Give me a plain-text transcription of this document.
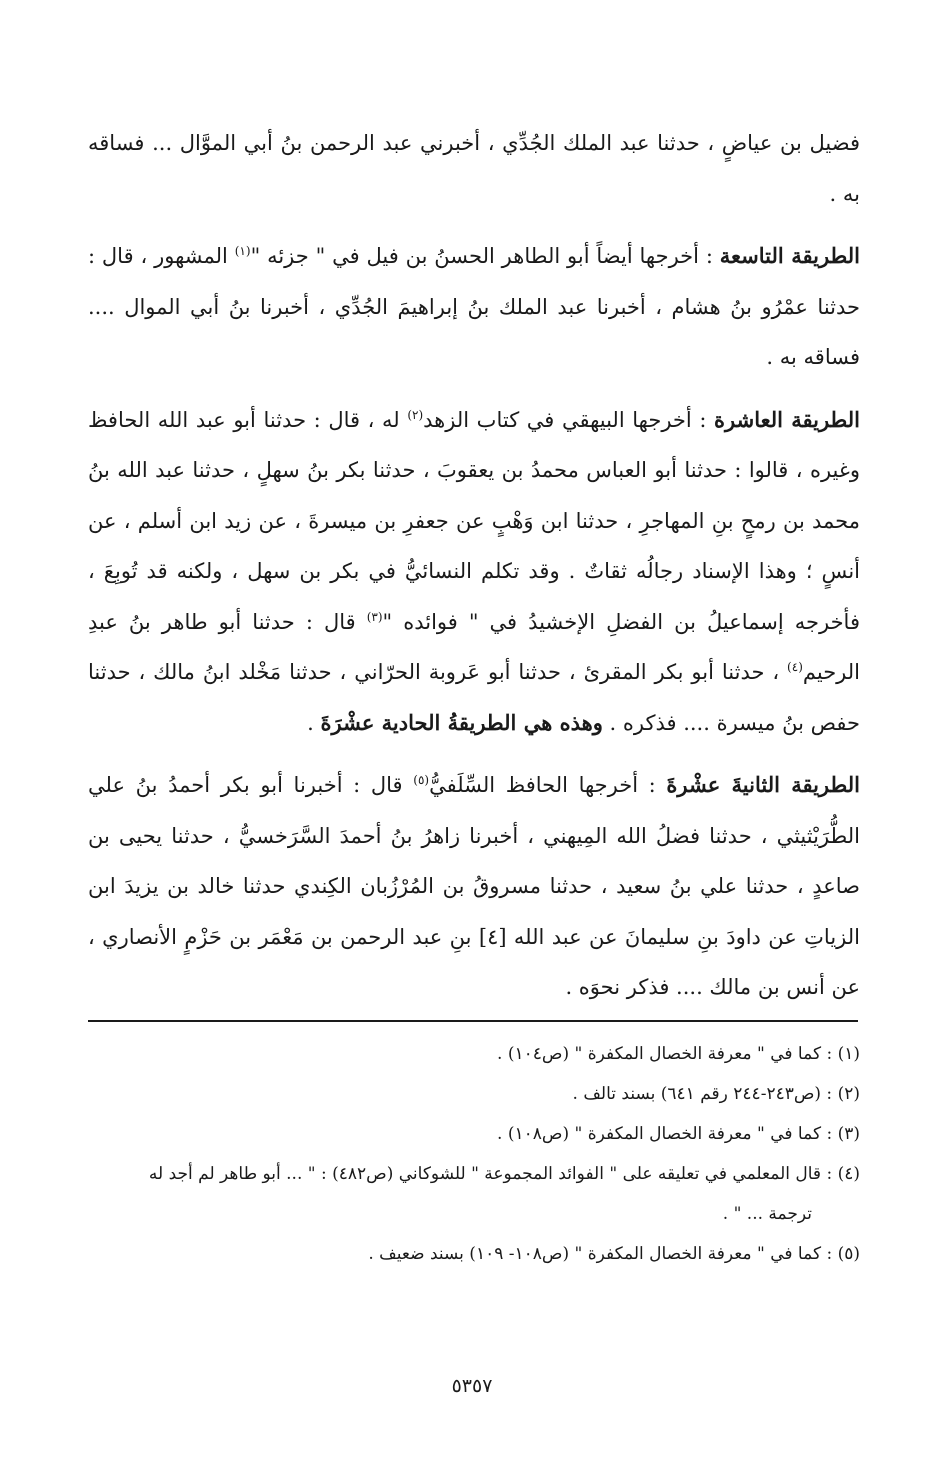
فضيل بن عياضٍ ، حدثنا عبد الملك الجُدِّي ، أخبرني عبد الرحمن بنُ أبي الموَّال ... فساقه به .

الطريقة التاسعة : أخرجها أيضاً أبو الطاهر الحسنُ بن فيل في " جزئه "$^{(١)}$ المشهور ، قال : حدثنا عمْرُو بنُ هشام ، أخبرنا عبد الملك بنُ إبراهيمَ الجُدِّي ، أخبرنا بنُ أبي الموال .... فساقه به .

الطريقة العاشرة : أخرجها البيهقي في كتاب الزهد$^{(٢)}$ له ، قال : حدثنا أبو عبد الله الحافظ وغيره ، قالوا : حدثنا أبو العباس محمدُ بن يعقوبَ ، حدثنا بكر بنُ سهلٍ ، حدثنا عبد الله بنُ محمد بن رمحٍ بنِ المهاجرِ ، حدثنا ابن وَهْبٍ عن جعفرِ بن ميسرةَ ، عن زيد ابن أسلم ، عن أنسٍ ؛ وهذا الإسناد رجالُه ثقاتٌ . وقد تكلم النسائيُّ في بكر بن سهل ، ولكنه قد تُوبِعَ ، فأخرجه إسماعيلُ بن الفضلِ الإخشيدُ في " فوائده "$^{(٣)}$ قال : حدثنا أبو طاهر بنُ عبدِ الرحيم$^{(٤)}$ ، حدثنا أبو بكر المقرئ ، حدثنا أبو عَروبة الحرّاني ، حدثنا مَخْلد ابنُ مالك ، حدثنا حفص بنُ ميسرة .... فذكره . وهذه هي الطريقةُ الحادية عشْرَةَ .

الطريقة الثانيةَ عشْرةَ : أخرجها الحافظ السِّلَفيُّ$^{(٥)}$ قال : أخبرنا أبو بكر أحمدُ بنُ علي الطُّرَيْثيثي ، حدثنا فضلُ الله المِيهني ، أخبرنا زاهرُ بنُ أحمدَ السَّرَخسيُّ ، حدثنا يحيى بن صاعدٍ ، حدثنا علي بنُ سعيد ، حدثنا مسروقُ بن المُرْزُبان الكِندي حدثنا خالد بن يزيدَ ابن الزياتِ عن داودَ بنِ سليمانَ عن عبد الله [٤] بنِ عبد الرحمن بن مَعْمَر بن حَزْمٍ الأنصاري ، عن أنس بن مالك .... فذكر نحوَه .

(١) : كما في " معرفة الخصال المكفرة " (ص١٠٤) .

(٢) : (ص٢٤٣-٢٤٤ رقم ٦٤١) بسند تالف .

(٣) : كما في " معرفة الخصال المكفرة " (ص١٠٨) .

(٤) : قال المعلمي في تعليقه على " الفوائد المجموعة " للشوكاني (ص٤٨٢) : " ... أبو طاهر لم أجد له
ترجمة ... " .

(٥) : كما في " معرفة الخصال المكفرة " (ص١٠٨- ١٠٩) بسند ضعيف .

٥٣٥٧
